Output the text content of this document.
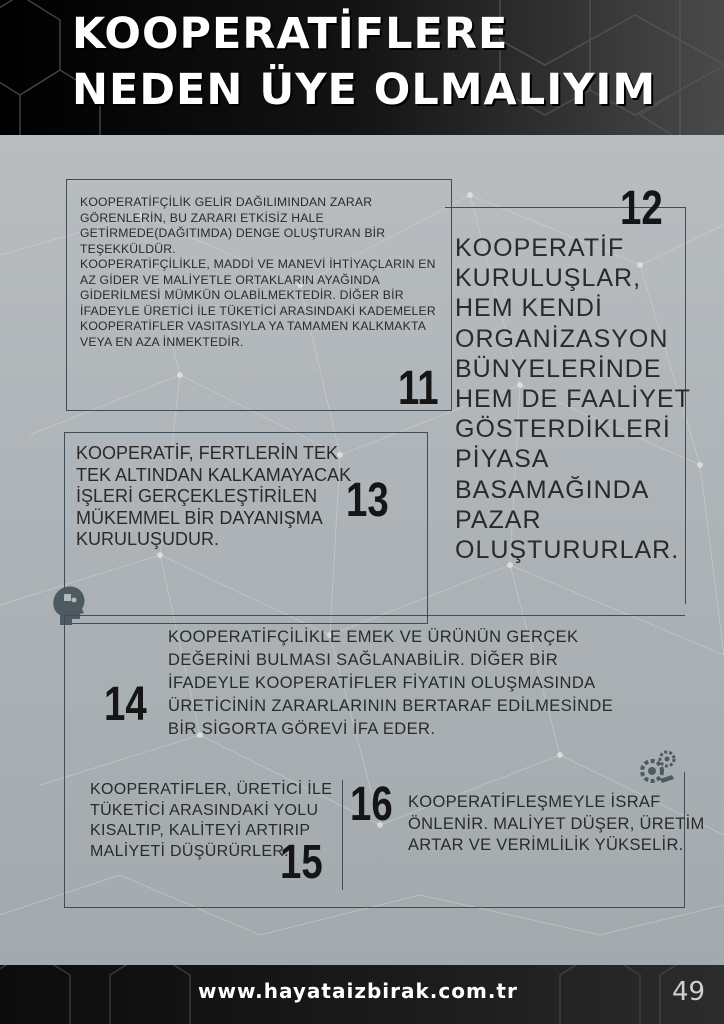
KOOPERATİFLERE
NEDEN ÜYE OLMALIYIM

KOOPERATİFÇİLİK GELİR DAĞILIMINDAN ZARAR GÖRENLERİN, BU ZARARI ETKİSİZ HALE GETİRMEDE(DAĞITIMDA) DENGE OLUŞTURAN BİR TEŞEKKÜLDÜR.
KOOPERATİFÇİLİKLE, MADDİ VE MANEVİ İHTİYAÇLARIN EN AZ GİDER VE MALİYETLE ORTAKLARIN AYAĞINDA GİDERİLMESİ MÜMKÜN OLABİLMEKTEDİR. DİĞER BİR İFADEYLE ÜRETİCİ İLE TÜKETİCİ ARASINDAKİ KADEMELER KOOPERATİFLER VASITASIYLA YA TAMAMEN KALKMAKTA VEYA EN AZA İNMEKTEDİR.

11

12

KOOPERATİF KURULUŞLAR, HEM KENDİ ORGANİZASYON BÜNYELERİNDE HEM DE FAALİYET GÖSTERDİKLERİ PİYASA BASAMAĞINDA PAZAR OLUŞTURURLAR.

KOOPERATİF, FERTLERİN TEK TEK ALTINDAN KALKAMAYACAK İŞLERİ GERÇEKLEŞTİRİLEN MÜKEMMEL BİR DAYANIŞMA KURULUŞUDUR.

13

KOOPERATİFÇİLİKLE EMEK VE ÜRÜNÜN GERÇEK DEĞERİNİ BULMASI SAĞLANABİLİR. DİĞER BİR İFADEYLE KOOPERATİFLER FİYATIN OLUŞMASINDA ÜRETİCİNİN ZARARLARININ BERTARAF EDİLMESİNDE BİR SİGORTA GÖREVİ İFA EDER.

14

KOOPERATİFLER, ÜRETİCİ İLE TÜKETİCİ ARASINDAKİ YOLU KISALTIP, KALİTEYİ ARTIRIP MALİYETİ DÜŞÜRÜRLER.

15

16 KOOPERATİFLEŞMEYLE İSRAF ÖNLENİR. MALİYET DÜŞER, ÜRETİM ARTAR VE VERİMLİLİK YÜKSELİR.

www.hayataizbirak.com.tr	49
